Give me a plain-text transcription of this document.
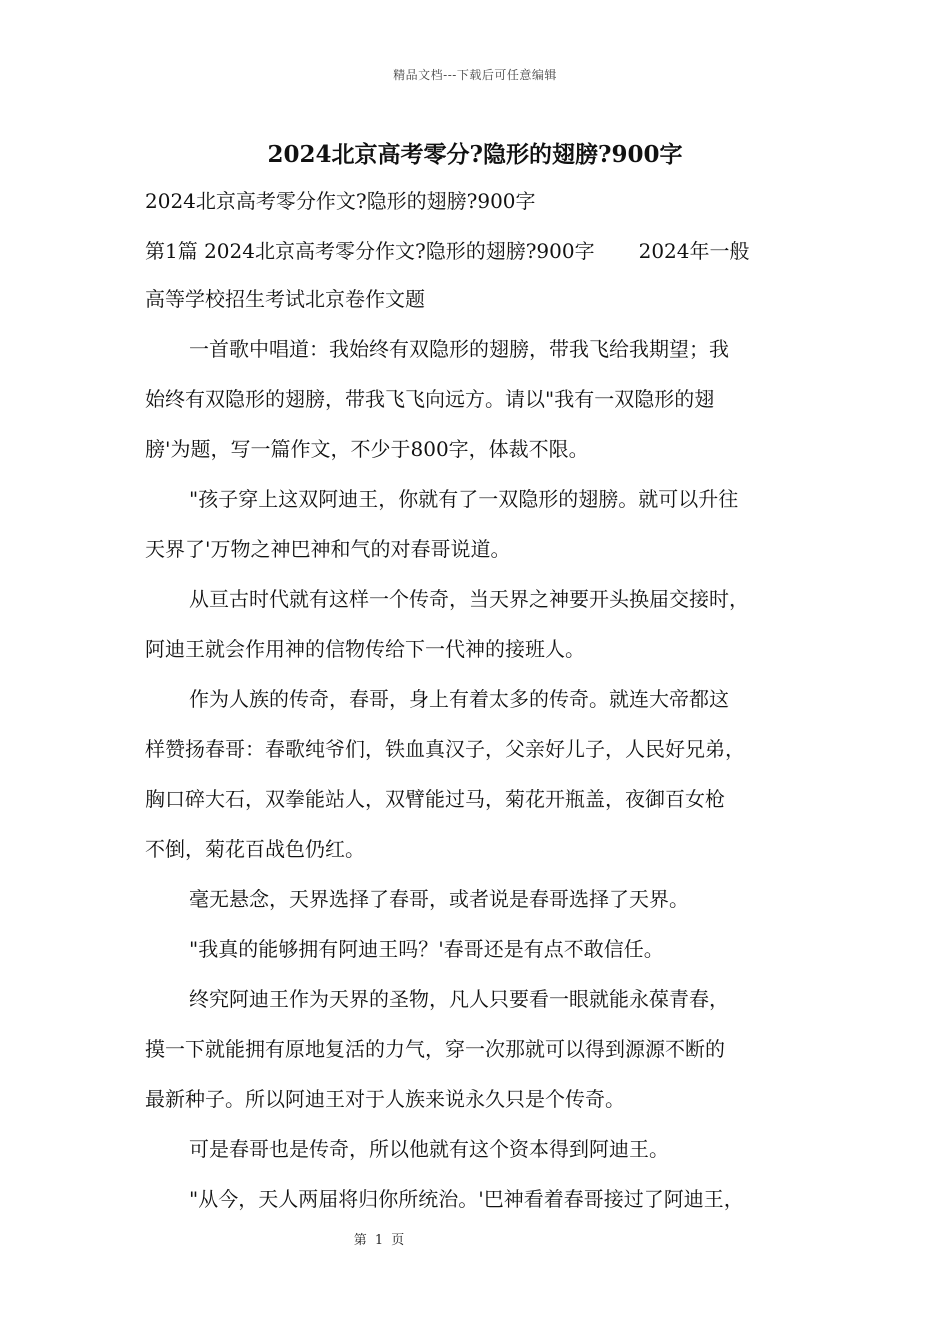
精品文档---下载后可任意编辑
2024北京高考零分?隐形的翅膀?900字

2024北京高考零分作文?隐形的翅膀?900字

第1篇 2024北京高考零分作文?隐形的翅膀?900字 2024年一般

高等学校招生考试北京卷作文题

一首歌中唱道：我始终有双隐形的翅膀，带我飞给我期望；我
始终有双隐形的翅膀，带我飞飞向远方。请以"我有一双隐形的翅
膀'为题，写一篇作文，不少于800字，体裁不限。
"孩子穿上这双阿迪王，你就有了一双隐形的翅膀。就可以升往
天界了'万物之神巴神和气的对春哥说道。
从亘古时代就有这样一个传奇，当天界之神要开头换届交接时，
阿迪王就会作用神的信物传给下一代神的接班人。
作为人族的传奇，春哥，身上有着太多的传奇。就连大帝都这
样赞扬春哥：春歌纯爷们，铁血真汉子，父亲好儿子，人民好兄弟，
胸口碎大石，双拳能站人，双臂能过马，菊花开瓶盖，夜御百女枪
不倒，菊花百战色仍红。
毫无悬念，天界选择了春哥，或者说是春哥选择了天界。
"我真的能够拥有阿迪王吗？'春哥还是有点不敢信任。
终究阿迪王作为天界的圣物，凡人只要看一眼就能永葆青春，
摸一下就能拥有原地复活的力气，穿一次那就可以得到源源不断的
最新种子。所以阿迪王对于人族来说永久只是个传奇。
可是春哥也是传奇，所以他就有这个资本得到阿迪王。
"从今，天人两届将归你所统治。'巴神看着春哥接过了阿迪王，
第 1 页
